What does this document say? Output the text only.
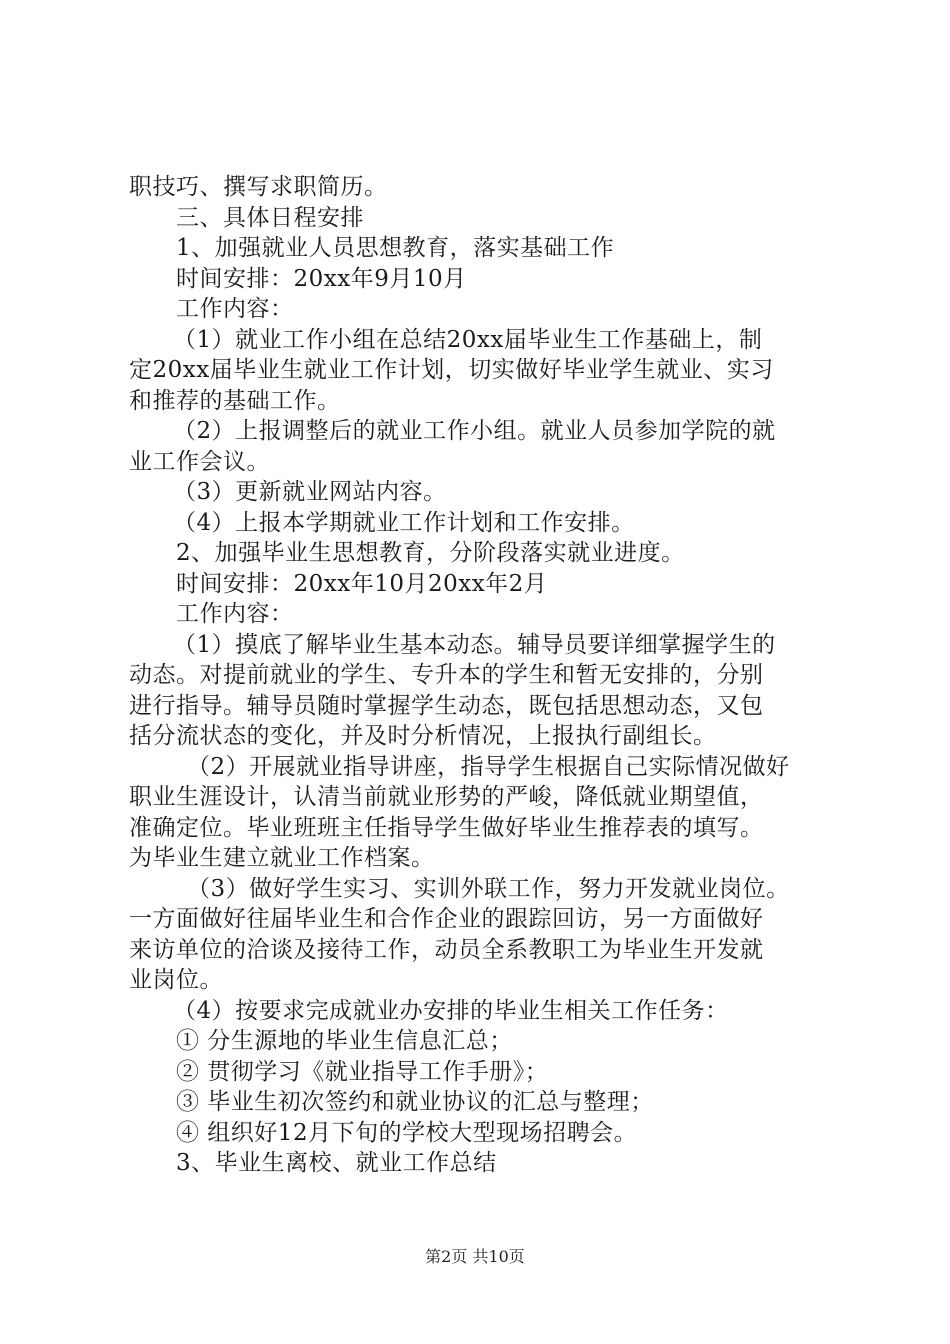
职技巧、撰写求职简历。
三、具体日程安排
1、加强就业人员思想教育，落实基础工作
时间安排：20xx年9月10月
工作内容：
（1）就业工作小组在总结20xx届毕业生工作基础上，制
定20xx届毕业生就业工作计划，切实做好毕业学生就业、实习
和推荐的基础工作。
（2）上报调整后的就业工作小组。就业人员参加学院的就
业工作会议。
（3）更新就业网站内容。
（4）上报本学期就业工作计划和工作安排。
2、加强毕业生思想教育，分阶段落实就业进度。
时间安排：20xx年10月20xx年2月
工作内容：
（1）摸底了解毕业生基本动态。辅导员要详细掌握学生的
动态。对提前就业的学生、专升本的学生和暂无安排的，分别
进行指导。辅导员随时掌握学生动态，既包括思想动态，又包
括分流状态的变化，并及时分析情况，上报执行副组长。
（2）开展就业指导讲座，指导学生根据自己实际情况做好
职业生涯设计，认清当前就业形势的严峻，降低就业期望值，
准确定位。毕业班班主任指导学生做好毕业生推荐表的填写。
为毕业生建立就业工作档案。
（3）做好学生实习、实训外联工作，努力开发就业岗位。
一方面做好往届毕业生和合作企业的跟踪回访，另一方面做好
来访单位的洽谈及接待工作，动员全系教职工为毕业生开发就
业岗位。
（4）按要求完成就业办安排的毕业生相关工作任务：
① 分生源地的毕业生信息汇总；
② 贯彻学习《就业指导工作手册》；
③ 毕业生初次签约和就业协议的汇总与整理；
④ 组织好12月下旬的学校大型现场招聘会。
3、毕业生离校、就业工作总结
第2页 共10页
